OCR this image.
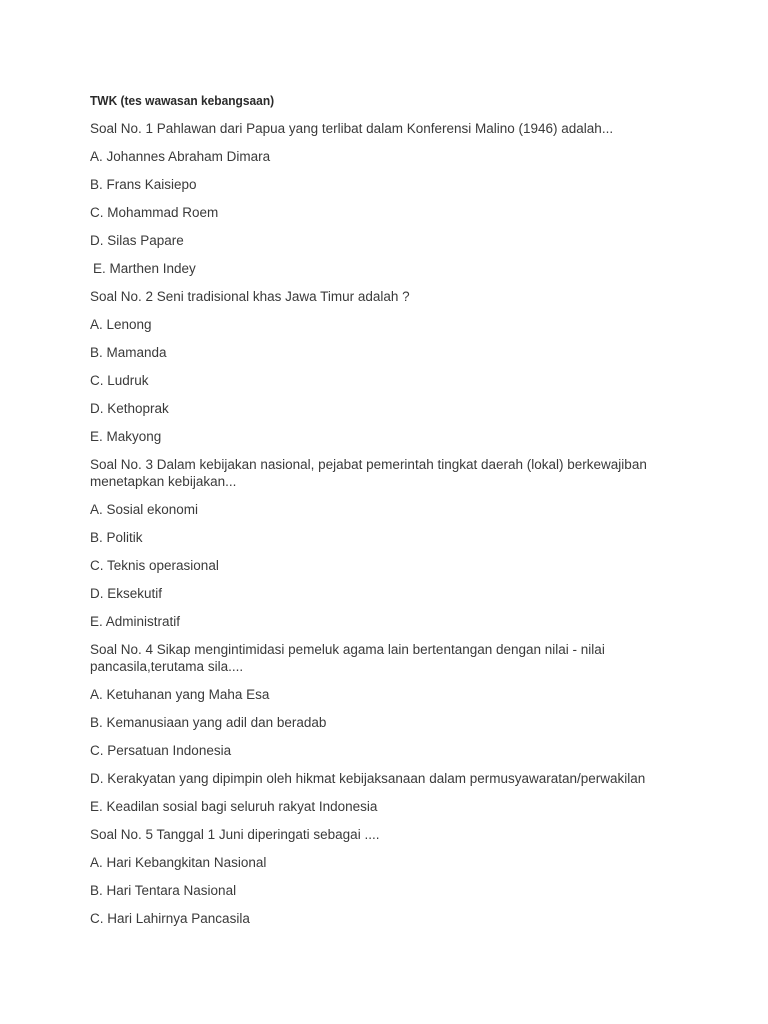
TWK (tes wawasan kebangsaan)
Soal No. 1 Pahlawan dari Papua yang terlibat dalam Konferensi Malino (1946) adalah...
A. Johannes Abraham Dimara
B. Frans Kaisiepo
C. Mohammad Roem
D. Silas Papare
E. Marthen Indey
Soal No. 2 Seni tradisional khas Jawa Timur adalah ?
A. Lenong
B. Mamanda
C. Ludruk
D. Kethoprak
E. Makyong
Soal No. 3 Dalam kebijakan nasional, pejabat pemerintah tingkat daerah (lokal) berkewajiban menetapkan kebijakan...
A. Sosial ekonomi
B. Politik
C. Teknis operasional
D. Eksekutif
E. Administratif
Soal No. 4 Sikap mengintimidasi pemeluk agama lain bertentangan dengan nilai - nilai pancasila,terutama sila....
A. Ketuhanan yang Maha Esa
B. Kemanusiaan yang adil dan beradab
C. Persatuan Indonesia
D. Kerakyatan yang dipimpin oleh hikmat kebijaksanaan dalam permusyawaratan/perwakilan
E. Keadilan sosial bagi seluruh rakyat Indonesia
Soal No. 5 Tanggal 1 Juni diperingati sebagai ....
A. Hari Kebangkitan Nasional
B. Hari Tentara Nasional
C. Hari Lahirnya Pancasila
